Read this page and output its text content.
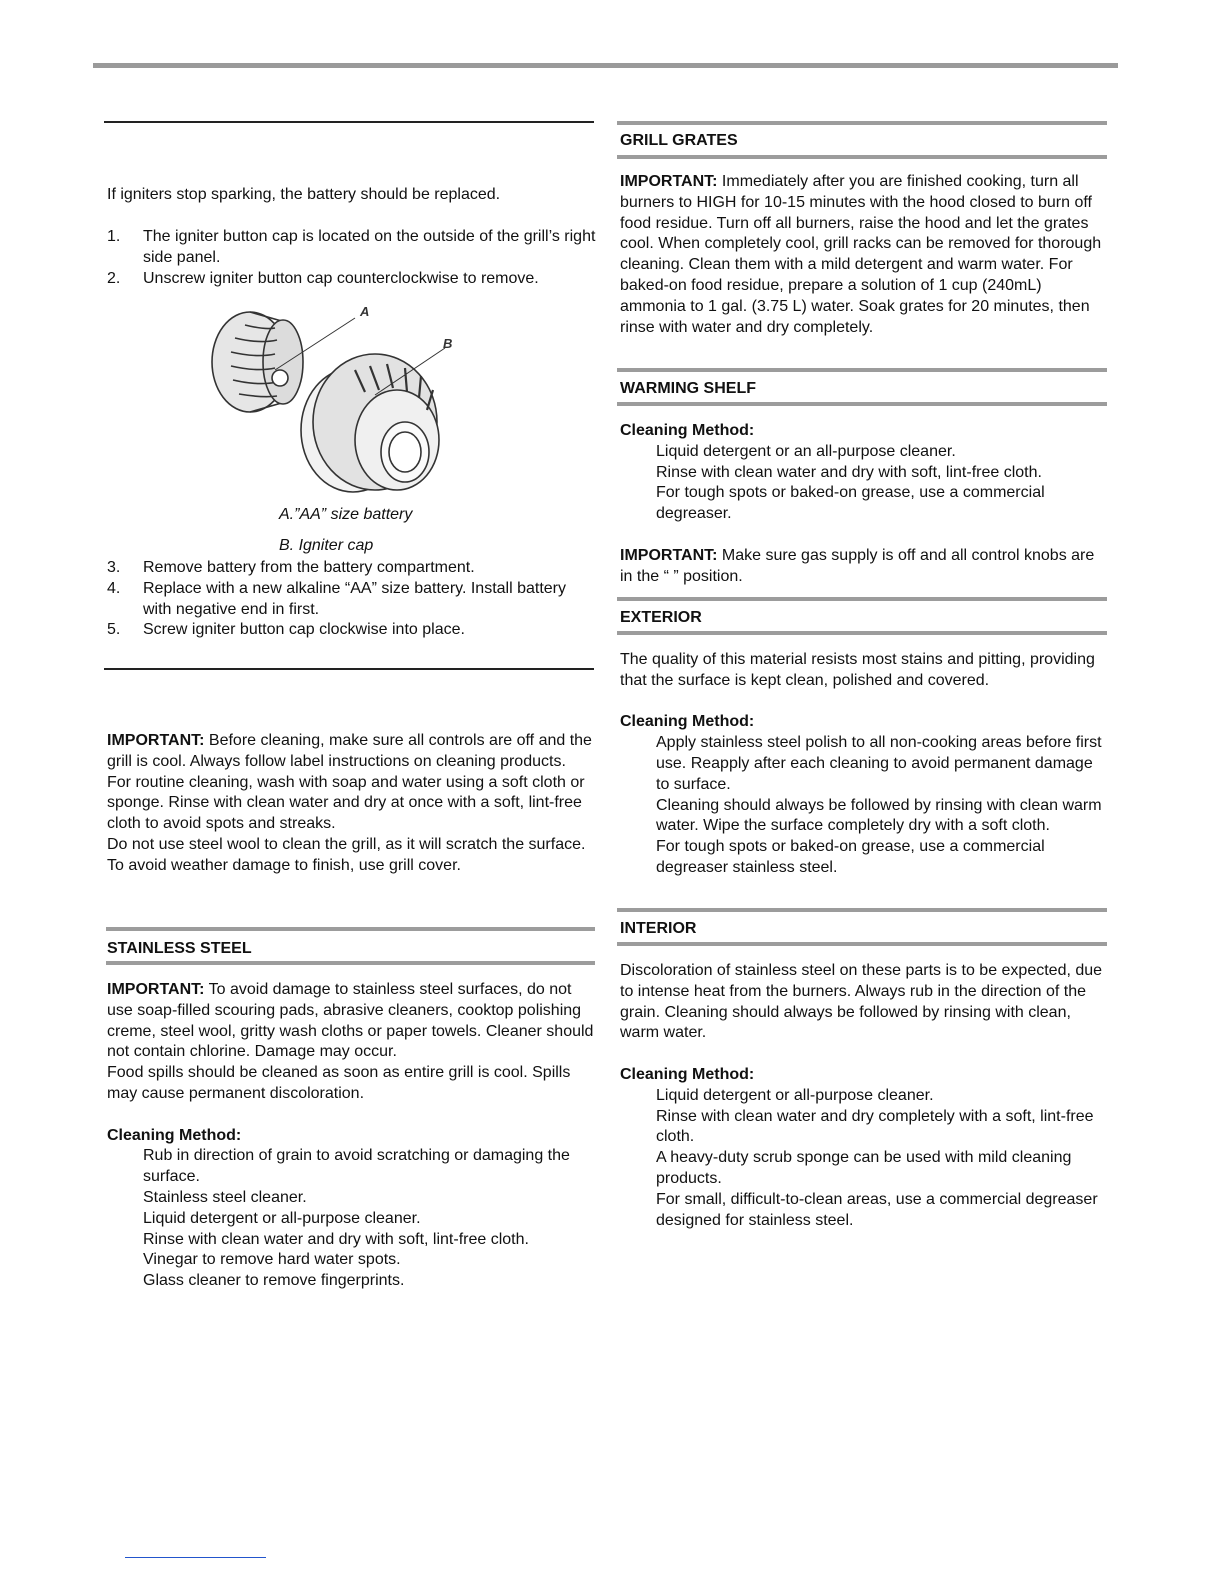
If igniters stop sparking, the battery should be replaced.

1. The igniter button cap is located on the outside of the grill’s right side panel.
2. Unscrew igniter button cap counterclockwise to remove.
A
B

A.”AA” size battery

B. Igniter cap

3. Remove battery from the battery compartment.
4. Replace with a new alkaline “AA” size battery. Install battery with negative end in first.
5. Screw igniter button cap clockwise into place.

IMPORTANT: Before cleaning, make sure all controls are off and the grill is cool. Always follow label instructions on cleaning products.

For routine cleaning, wash with soap and water using a soft cloth or sponge. Rinse with clean water and dry at once with a soft, lint-free cloth to avoid spots and streaks.

Do not use steel wool to clean the grill, as it will scratch the surface.

To avoid weather damage to finish, use grill cover.

STAINLESS STEEL

IMPORTANT: To avoid damage to stainless steel surfaces, do not use soap-filled scouring pads, abrasive cleaners, cooktop polishing creme, steel wool, gritty wash cloths or paper towels. Cleaner should not contain chlorine. Damage may occur.

Food spills should be cleaned as soon as entire grill is cool. Spills may cause permanent discoloration.

Cleaning Method:

Rub in direction of grain to avoid scratching or damaging the surface.

Stainless steel cleaner.

Liquid detergent or all-purpose cleaner.

Rinse with clean water and dry with soft, lint-free cloth.

Vinegar to remove hard water spots.

Glass cleaner to remove fingerprints.

GRILL GRATES

IMPORTANT: Immediately after you are finished cooking, turn all burners to HIGH for 10-15 minutes with the hood closed to burn off food residue. Turn off all burners, raise the hood and let the grates cool. When completely cool, grill racks can be removed for thorough cleaning. Clean them with a mild detergent and warm water. For baked-on food residue, prepare a solution of 1 cup (240mL) ammonia to 1 gal. (3.75 L) water. Soak grates for 20 minutes, then rinse with water and dry completely.

WARMING SHELF

Cleaning Method:

Liquid detergent or an all-purpose cleaner.

Rinse with clean water and dry with soft, lint-free cloth.

For tough spots or baked-on grease, use a commercial degreaser.

IMPORTANT: Make sure gas supply is off and all control knobs are in the “ ” position.

EXTERIOR

The quality of this material resists most stains and pitting, providing that the surface is kept clean, polished and covered.

Cleaning Method:

Apply stainless steel polish to all non-cooking areas before first use. Reapply after each cleaning to avoid permanent damage to surface.

Cleaning should always be followed by rinsing with clean warm water. Wipe the surface completely dry with a soft cloth.

For tough spots or baked-on grease, use a commercial degreaser stainless steel.

INTERIOR

Discoloration of stainless steel on these parts is to be expected, due to intense heat from the burners. Always rub in the direction of the grain. Cleaning should always be followed by rinsing with clean, warm water.

Cleaning Method:

Liquid detergent or all-purpose cleaner.

Rinse with clean water and dry completely with a soft, lint-free cloth.

A heavy-duty scrub sponge can be used with mild cleaning products.

For small, difficult-to-clean areas, use a commercial degreaser designed for stainless steel.
